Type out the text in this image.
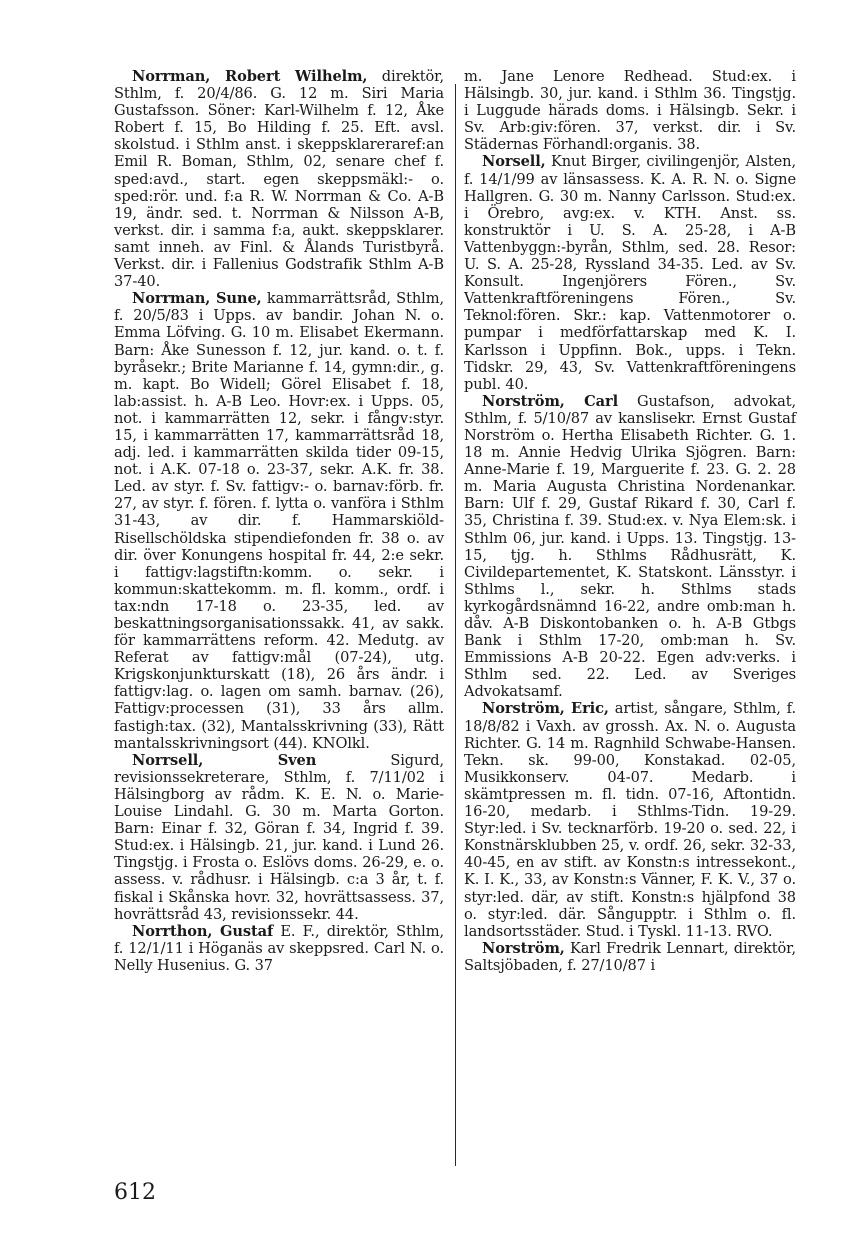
Norrman, Robert Wilhelm, direktör, Sthlm, f. 20/4/86. G. 12 m. Siri Maria Gustafsson. Söner: Karl-Wilhelm f. 12, Åke Robert f. 15, Bo Hilding f. 25. Eft. avsl. skolstud. i Sthlm anst. i skeppsklareraref:an Emil R. Boman, Sthlm, 02, senare chef f. sped:avd., start. egen skeppsmäkl:- o. sped:rör. und. f:a R. W. Norrman & Co. A-B 19, ändr. sed. t. Norrman & Nilsson A-B, verkst. dir. i samma f:a, aukt. skeppsklarer. samt inneh. av Finl. & Ålands Turistbyrå. Verkst. dir. i Fallenius Godstrafik Sthlm A-B 37-40.

Norrman, Sune, kammarrättsråd, Sthlm, f. 20/5/83 i Upps. av bandir. Johan N. o. Emma Löfving. G. 10 m. Elisabet Ekermann. Barn: Åke Sunesson f. 12, jur. kand. o. t. f. byråsekr.; Brite Marianne f. 14, gymn:dir., g. m. kapt. Bo Widell; Görel Elisabet f. 18, lab:assist. h. A-B Leo. Hovr:ex. i Upps. 05, not. i kammarrätten 12, sekr. i fångv:styr. 15, i kammarrätten 17, kammarrättsråd 18, adj. led. i kammarrätten skilda tider 09-15, not. i A.K. 07-18 o. 23-37, sekr. A.K. fr. 38. Led. av styr. f. Sv. fattigv:- o. barnav:förb. fr. 27, av styr. f. fören. f. lytta o. vanföra i Sthlm 31-43, av dir. f. Hammarskiöld-Risellschöldska stipendiefonden fr. 38 o. av dir. över Konungens hospital fr. 44, 2:e sekr. i fattigv:lagstiftn:komm. o. sekr. i kommun:skattekomm. m. fl. komm., ordf. i tax:ndn 17-18 o. 23-35, led. av beskattningsorganisationssakk. 41, av sakk. för kammarrättens reform. 42. Medutg. av Referat av fattigv:mål (07-24), utg. Krigskonjunkturskatt (18), 26 års ändr. i fattigv:lag. o. lagen om samh. barnav. (26), Fattigv:processen (31), 33 års allm. fastigh:tax. (32), Mantalsskrivning (33), Rätt mantalsskrivningsort (44). KNOlkl.

Norrsell, Sven Sigurd, revisionssekreterare, Sthlm, f. 7/11/02 i Hälsingborg av rådm. K. E. N. o. Marie-Louise Lindahl. G. 30 m. Marta Gorton. Barn: Einar f. 32, Göran f. 34, Ingrid f. 39. Stud:ex. i Hälsingb. 21, jur. kand. i Lund 26. Tingstjg. i Frosta o. Eslövs doms. 26-29, e. o. assess. v. rådhusr. i Hälsingb. c:a 3 år, t. f. fiskal i Skånska hovr. 32, hovrättsassess. 37, hovrättsråd 43, revisionssekr. 44.

Norrthon, Gustaf E. F., direktör, Sthlm, f. 12/1/11 i Höganäs av skeppsred. Carl N. o. Nelly Husenius. G. 37

m. Jane Lenore Redhead. Stud:ex. i Hälsingb. 30, jur. kand. i Sthlm 36. Tingstjg. i Luggude härads doms. i Hälsingb. Sekr. i Sv. Arb:giv:fören. 37, verkst. dir. i Sv. Städernas Förhandl:organis. 38.

Norsell, Knut Birger, civilingenjör, Alsten, f. 14/1/99 av länsassess. K. A. R. N. o. Signe Hallgren. G. 30 m. Nanny Carlsson. Stud:ex. i Örebro, avg:ex. v. KTH. Anst. ss. konstruktör i U. S. A. 25-28, i A-B Vattenbyggn:-byrån, Sthlm, sed. 28. Resor: U. S. A. 25-28, Ryssland 34-35. Led. av Sv. Konsult. Ingenjörers Fören., Sv. Vattenkraftföreningens Fören., Sv. Teknol:fören. Skr.: kap. Vattenmotorer o. pumpar i medförfattarskap med K. I. Karlsson i Uppfinn. Bok., upps. i Tekn. Tidskr. 29, 43, Sv. Vattenkraftföreningens publ. 40.

Norström, Carl Gustafson, advokat, Sthlm, f. 5/10/87 av kanslisekr. Ernst Gustaf Norström o. Hertha Elisabeth Richter. G. 1. 18 m. Annie Hedvig Ulrika Sjögren. Barn: Anne-Marie f. 19, Marguerite f. 23. G. 2. 28 m. Maria Augusta Christina Nordenankar. Barn: Ulf f. 29, Gustaf Rikard f. 30, Carl f. 35, Christina f. 39. Stud:ex. v. Nya Elem:sk. i Sthlm 06, jur. kand. i Upps. 13. Tingstjg. 13-15, tjg. h. Sthlms Rådhusrätt, K. Civildepartementet, K. Statskont. Länsstyr. i Sthlms l., sekr. h. Sthlms stads kyrkogårdsnämnd 16-22, andre omb:man h. dåv. A-B Diskontobanken o. h. A-B Gtbgs Bank i Sthlm 17-20, omb:man h. Sv. Emmissions A-B 20-22. Egen adv:verks. i Sthlm sed. 22. Led. av Sveriges Advokatsamf.

Norström, Eric, artist, sångare, Sthlm, f. 18/8/82 i Vaxh. av grossh. Ax. N. o. Augusta Richter. G. 14 m. Ragnhild Schwabe-Hansen. Tekn. sk. 99-00, Konstakad. 02-05, Musikkonserv. 04-07. Medarb. i skämtpressen m. fl. tidn. 07-16, Aftontidn. 16-20, medarb. i Sthlms-Tidn. 19-29. Styr:led. i Sv. tecknarförb. 19-20 o. sed. 22, i Konstnärsklubben 25, v. ordf. 26, sekr. 32-33, 40-45, en av stift. av Konstn:s intressekont., K. I. K., 33, av Konstn:s Vänner, F. K. V., 37 o. styr:led. där, av stift. Konstn:s hjälpfond 38 o. styr:led. där. Sångupptr. i Sthlm o. fl. landsortsstäder. Stud. i Tyskl. 11-13. RVO.

Norström, Karl Fredrik Lennart, direktör, Saltsjöbaden, f. 27/10/87 i

612
